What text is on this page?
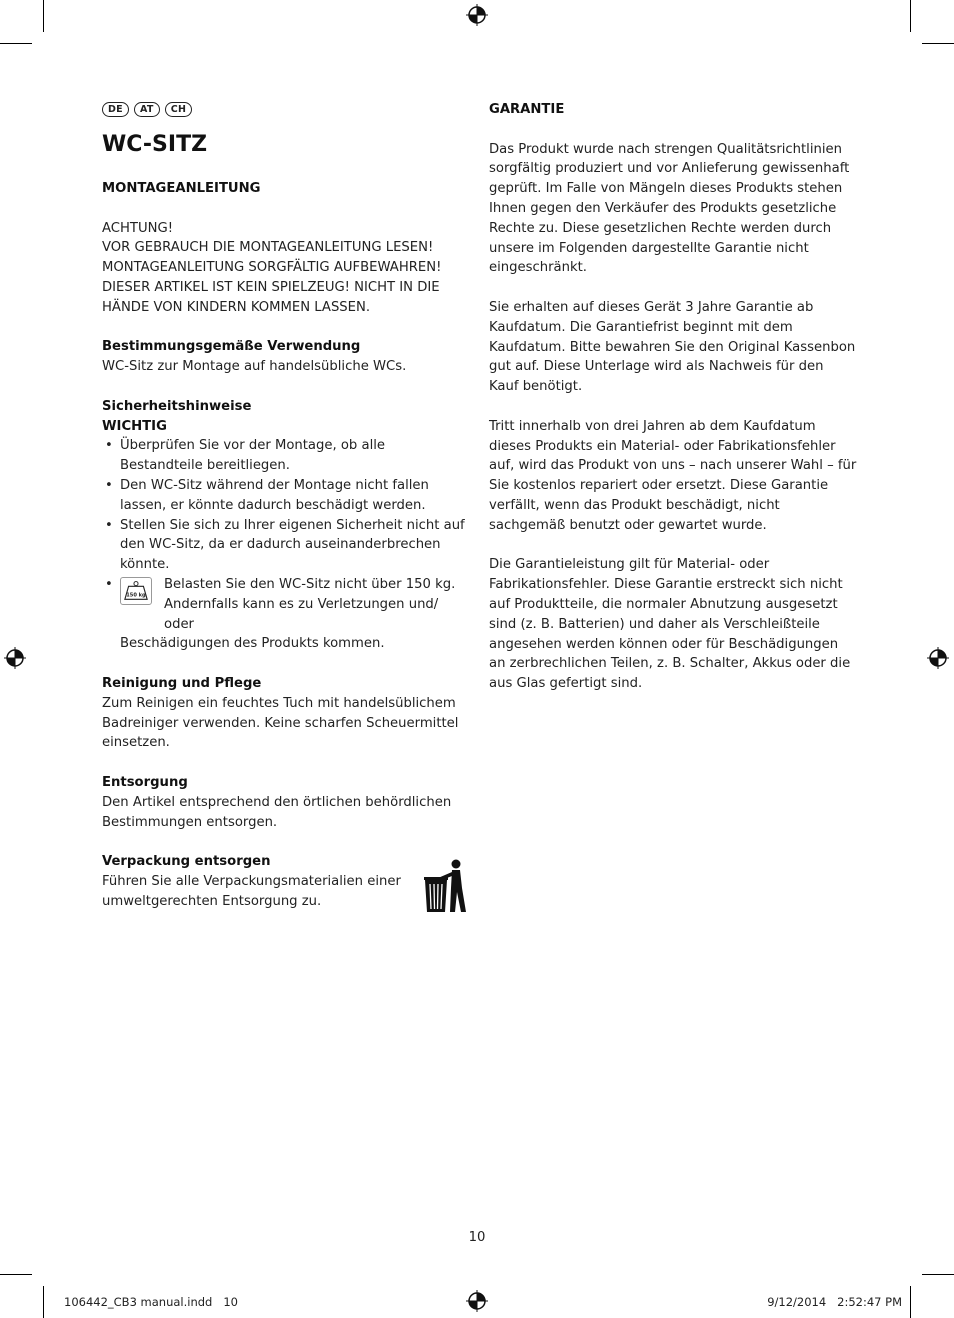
DE	AT	CH
WC-SITZ
MONTAGEANLEITUNG
ACHTUNG!
VOR GEBRAUCH DIE MONTAGEANLEITUNG LESEN!
MONTAGEANLEITUNG SORGFÄLTIG AUFBEWAHREN!
DIESER ARTIKEL IST KEIN SPIELZEUG! NICHT IN DIE
HÄNDE VON KINDERN KOMMEN LASSEN.
Bestimmungsgemäße Verwendung
WC-Sitz zur Montage auf handelsübliche WCs.
Sicherheitshinweise
WICHTIG
• Überprüfen Sie vor der Montage, ob alle Bestandteile bereitliegen.
• Den WC-Sitz während der Montage nicht fallen lassen, er könnte dadurch beschädigt werden.
• Stellen Sie sich zu Ihrer eigenen Sicherheit nicht auf den WC-Sitz, da er dadurch auseinanderbrechen könnte.
• 150 kg
Belasten Sie den WC-Sitz nicht über 150 kg.
Andernfalls kann es zu Verletzungen und/ oder
Beschädigungen des Produkts kommen.
Reinigung und Pflege
Zum Reinigen ein feuchtes Tuch mit handelsüblichem Badreiniger verwenden. Keine scharfen Scheuermittel einsetzen.
Entsorgung
Den Artikel entsprechend den örtlichen behördlichen Bestimmungen entsorgen.
Verpackung entsorgen
Führen Sie alle Verpackungsmaterialien einer umweltgerechten Entsorgung zu.
GARANTIE
Das Produkt wurde nach strengen Qualitätsrichtlinien sorgfältig produziert und vor Anlieferung gewissenhaft geprüft. Im Falle von Mängeln dieses Produkts stehen Ihnen gegen den Verkäufer des Produkts gesetzliche Rechte zu. Diese gesetzlichen Rechte werden durch unsere im Folgenden dargestellte Garantie nicht eingeschränkt.
Sie erhalten auf dieses Gerät 3 Jahre Garantie ab Kaufdatum. Die Garantiefrist beginnt mit dem Kaufdatum. Bitte bewahren Sie den Original Kassenbon gut auf. Diese Unterlage wird als Nachweis für den Kauf benötigt.
Tritt innerhalb von drei Jahren ab dem Kaufdatum dieses Produkts ein Material- oder Fabrikationsfehler auf, wird das Produkt von uns – nach unserer Wahl – für Sie kostenlos repariert oder ersetzt. Diese Garantie verfällt, wenn das Produkt beschädigt, nicht sachgemäß benutzt oder gewartet wurde.
Die Garantieleistung gilt für Material- oder Fabrikationsfehler. Diese Garantie erstreckt sich nicht auf Produktteile, die normaler Abnutzung ausgesetzt sind (z. B. Batterien) und daher als Verschleißteile angesehen werden können oder für Beschädigungen an zerbrechlichen Teilen, z. B. Schalter, Akkus oder die aus Glas gefertigt sind.
10
106442_CB3 manual.indd   10	9/12/2014   2:52:47 PM
